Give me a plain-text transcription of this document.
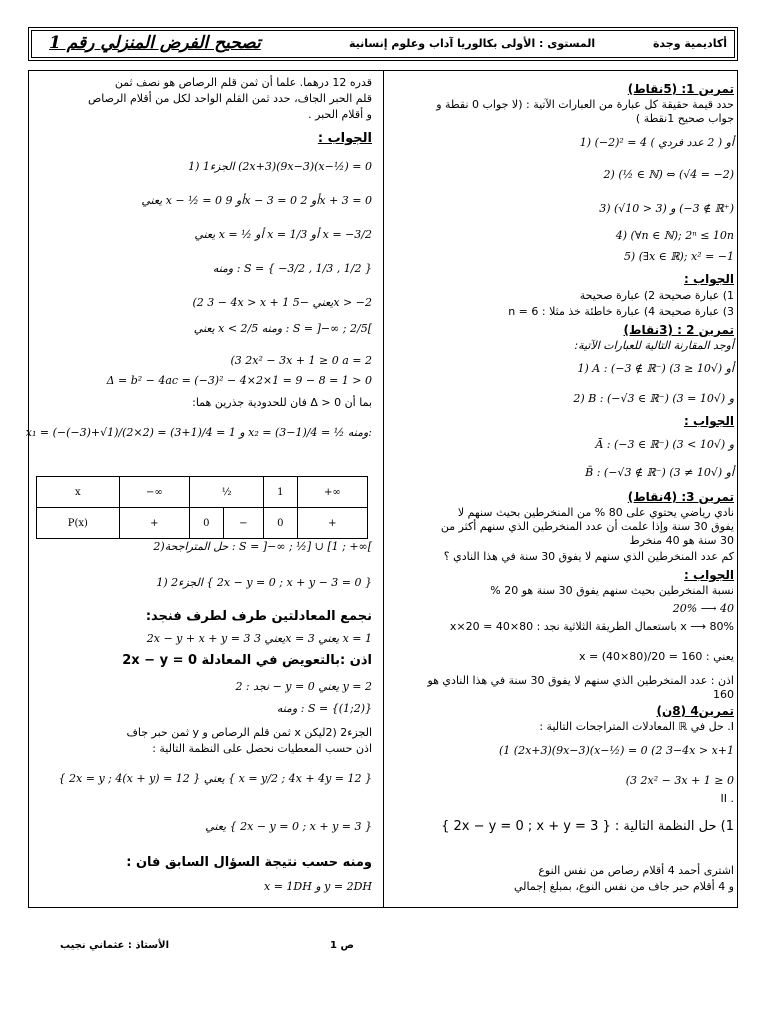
تصحيح الفرض المنزلي رقم 1	المستوى : الأولى بكالوريا آداب وعلوم إنسانية	أكاديمية وجدة
تمرين 1: (5نقاط)
حدد قيمة حقيقة كل عبارة من العبارات الآتية : (لا جواب 0 نقطة و
جواب صحيح 1نقطة )
1) (−2)² = 4 أو ( 2 عدد فردي )
2) (½ ∈ ℕ) ⇔ (√4 = −2)
3) (√10 > 3) و (−3 ∉ ℝ⁺)
4) (∀n ∈ ℕ); 2ⁿ ≤ 10n
5) (∃x ∈ ℝ); x² = −1
الجواب :
1) عبارة صحيحة 2) عبارة صحيحة
3) عبارة صحيحة 4) عبارة خاطئة خذ مثلا : n = 6
تمرين 2 : (3نقاط)
أوجد المقارنة التالية للعبارات الآتية:
1) A : (−3 ∉ ℝ⁻) أو (√10 ≤ 3)
2) B : (−√3 ∈ ℝ⁻) و (√10 = 3)
الجواب :
Ā : (−3 ∈ ℝ⁻) و (√10 > 3)
B̄ : (−√3 ∉ ℝ⁻) أو (√10 ≠ 3)
تمرين 3: (4نقاط)
نادي رياضي يحتوي على 80 % من المنخرطين بحيث سنهم لا
يفوق 30 سنة وإذا علمت أن عدد المنخرطين الذي سنهم أكثر من
30 سنة هو 40 منخرط
كم عدد المنخرطين الذي سنهم لا يفوق 30 سنة في هذا النادي ؟
الجواب :
نسبة المنخرطين بحيث سنهم يفوق 30 سنة هو 20 %
20% ⟶ 40
x ⟶ 80% باستعمال الطريقة الثلاثية نجد : x×20 = 40×80
يعني : x = (40×80)/20 = 160
اذن : عدد المنخرطين الذي سنهم لا يفوق 30 سنة في هذا النادي هو
160
تمرين4 (8ن)
I. حل في ℝ المعادلات المتراجحات التالية :
(1 (2x+3)(9x−3)(x−½) = 0 (2 3−4x > x+1
(3 2x² − 3x + 1 ≥ 0
. II
1) حل النظمة التالية : { 2x − y = 0 ; x + y = 3 }
اشترى أحمد 4 أقلام رصاص من نفس النوع
و 4 أقلام حبر جاف من نفس النوع، بمبلغ إجمالي
قدره 12 درهما. علما أن ثمن قلم الرصاص هو نصف ثمن
قلم الحبر الجاف، حدد ثمن القلم الواحد لكل من أقلام الرصاص
و أقلام الحبر .
الجواب :
الجزء1 (1 (2x+3)(9x−3)(x−½) = 0
يعني x − ½ = 0 أو 9x − 3 = 0 أو 2x + 3 = 0
يعني x = ½ أو x = 1/3 أو x = −3/2
ومنه : S = { −3/2 , 1/3 , 1/2 }
(2 3 − 4x > x + 1 يعني −5x > −2
يعني x < 2/5 ومنه : S = ]−∞ ; 2/5[
(3 2x² − 3x + 1 ≥ 0 a = 2
Δ = b² − 4ac = (−3)² − 4×2×1 = 9 − 8 = 1 > 0
بما أن Δ > 0 فان للحدودية جذرين هما:
x₁ = (−(−3)+√1)/(2×2) = (3+1)/4 = 1 و x₂ = (3−1)/4 = ½ ومنه:
x	−∞	½		1	+∞
P(x)	+	0	−	0	+
2)حل المتراجحة : S = ]−∞ ; ½] ∪ [1 ; +∞[
الجزء2 (1 { 2x − y = 0 ; x + y − 3 = 0 }
نجمع المعادلتين طرف لطرف فنجد:
2x − y + x + y = 3 يعني 3x = 3 يعني x = 1
اذن :بالتعويض في المعادلة 2x − y = 0
نجد : 2 − y = 0 يعني y = 2
ومنه : S = {(1;2)}
الجزء2 (2ليكن x ثمن قلم الرصاص و y ثمن حبر جاف
اذن حسب المعطيات نحصل على النظمة التالية :
{ 2x = y ; 4(x + y) = 12 } يعني { x = y/2 ; 4x + 4y = 12 }
يعني { 2x − y = 0 ; x + y = 3 }
ومنه حسب نتيجة السؤال السابق فان :
x = 1DH و y = 2DH
ص 1
الأستاذ : عثماني نجيب
